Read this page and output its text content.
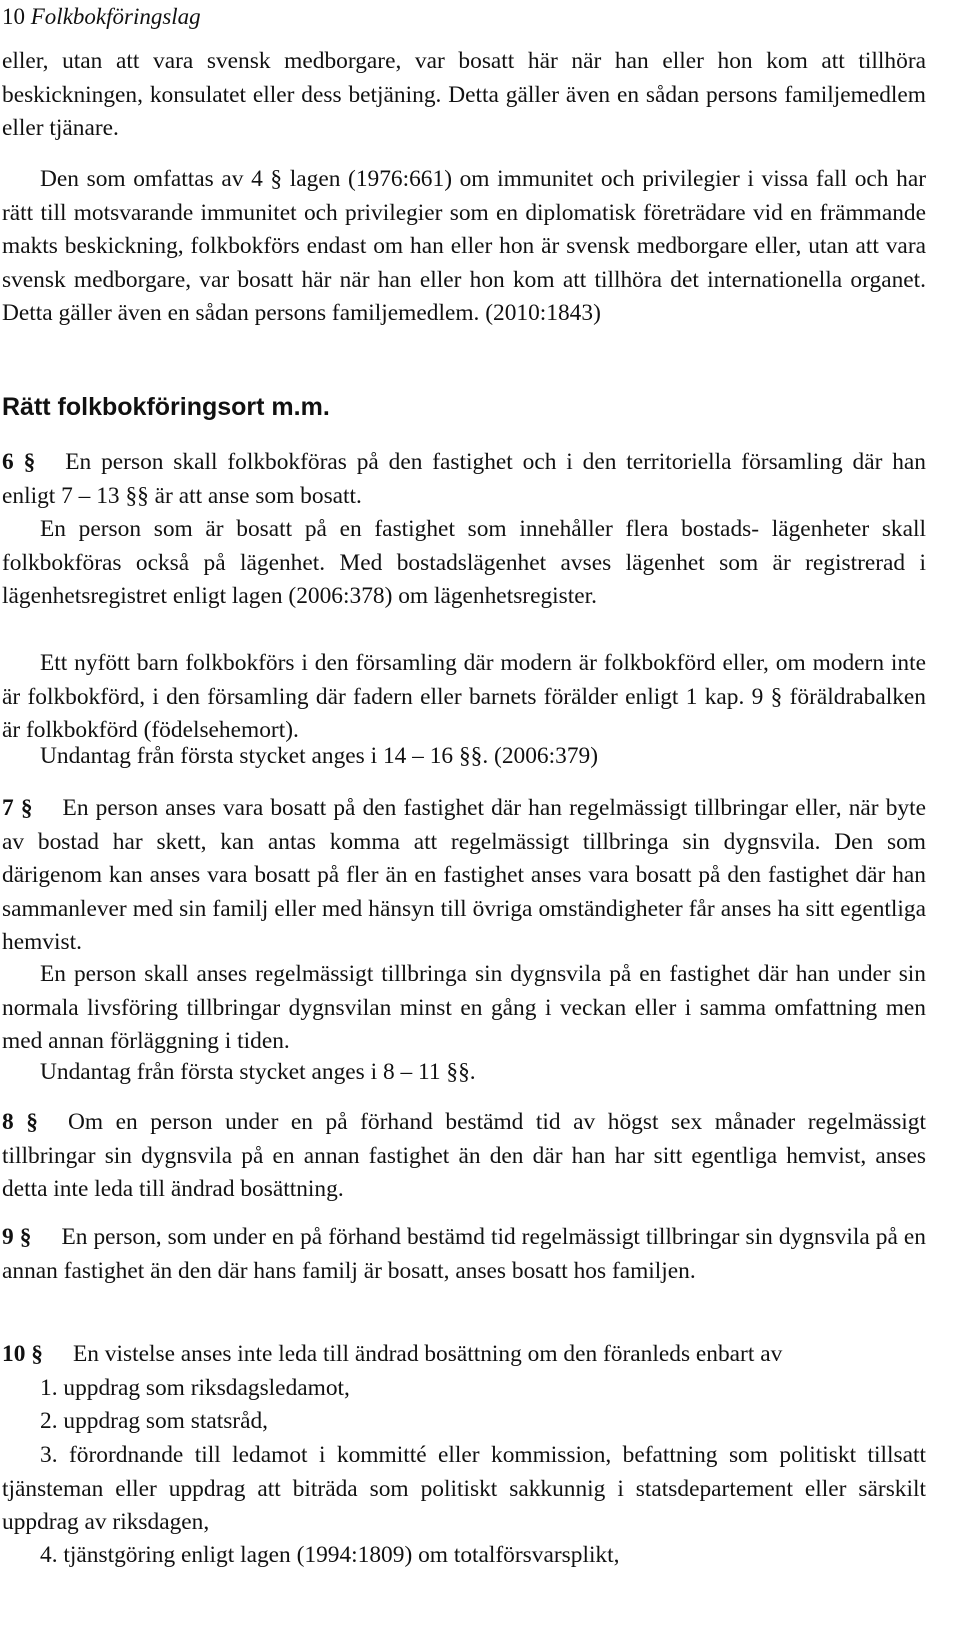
10 Folkbokföringslag
eller, utan att vara svensk medborgare, var bosatt här när han eller hon kom att tillhöra beskickningen, konsulatet eller dess betjäning. Detta gäller även en sådan persons familjemedlem eller tjänare.
Den som omfattas av 4 § lagen (1976:661) om immunitet och privilegier i vissa fall och har rätt till motsvarande immunitet och privilegier som en diplomatisk företrädare vid en främmande makts beskickning, folkbokförs endast om han eller hon är svensk medborgare eller, utan att vara svensk medborgare, var bosatt här när han eller hon kom att tillhöra det internationella organet. Detta gäller även en sådan persons familjemedlem. (2010:1843)
Rätt folkbokföringsort m.m.
6 § En person skall folkbokföras på den fastighet och i den territoriella församling där han enligt 7 – 13 §§ är att anse som bosatt.
En person som är bosatt på en fastighet som innehåller flera bostads- lägenheter skall folkbokföras också på lägenhet. Med bostadslägenhet avses lägenhet som är registrerad i lägenhetsregistret enligt lagen (2006:378) om lägenhetsregister.
Ett nyfött barn folkbokförs i den församling där modern är folkbokförd eller, om modern inte är folkbokförd, i den församling där fadern eller barnets förälder enligt 1 kap. 9 § föräldrabalken är folkbokförd (födelsehemort).
Undantag från första stycket anges i 14 – 16 §§. (2006:379)
7 § En person anses vara bosatt på den fastighet där han regelmässigt tillbringar eller, när byte av bostad har skett, kan antas komma att regelmässigt tillbringa sin dygnsvila. Den som därigenom kan anses vara bosatt på fler än en fastighet anses vara bosatt på den fastighet där han sammanlever med sin familj eller med hänsyn till övriga omständigheter får anses ha sitt egentliga hemvist.
En person skall anses regelmässigt tillbringa sin dygnsvila på en fastighet där han under sin normala livsföring tillbringar dygnsvilan minst en gång i veckan eller i samma omfattning men med annan förläggning i tiden.
Undantag från första stycket anges i 8 – 11 §§.
8 § Om en person under en på förhand bestämd tid av högst sex månader regelmässigt tillbringar sin dygnsvila på en annan fastighet än den där han har sitt egentliga hemvist, anses detta inte leda till ändrad bosättning.
9 § En person, som under en på förhand bestämd tid regelmässigt tillbringar sin dygnsvila på en annan fastighet än den där hans familj är bosatt, anses bosatt hos familjen.
10 § En vistelse anses inte leda till ändrad bosättning om den föranleds enbart av
1. uppdrag som riksdagsledamot,
2. uppdrag som statsråd,
3. förordnande till ledamot i kommitté eller kommission, befattning som politiskt tillsatt tjänsteman eller uppdrag att biträda som politiskt sakkunnig i statsdepartement eller särskilt uppdrag av riksdagen,
4. tjänstgöring enligt lagen (1994:1809) om totalförsvarsplikt,
